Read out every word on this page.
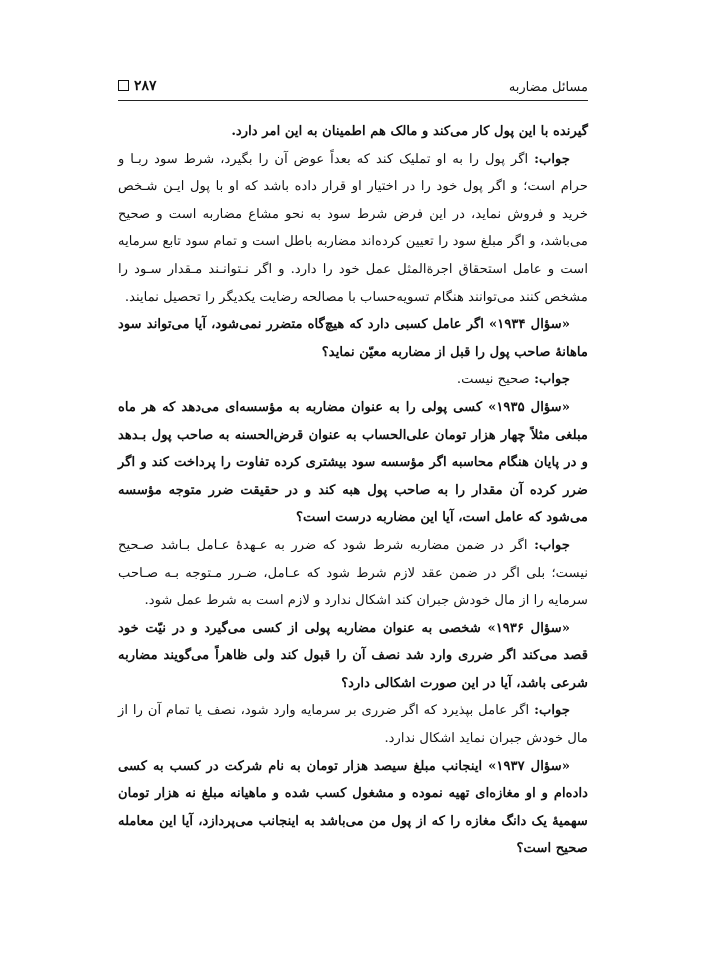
مسائل مضاربه
۲۸۷

گیرنده با این پول کار می‌کند و مالک هم اطمینان به این امر دارد.

جواب: اگر پول را به او تملیک کند که بعداً عوض آن را بگیرد، شرط سود ربـا و حرام است؛ و اگر پول خود را در اختیار او قرار داده باشد که او با پول ایـن شـخص خرید و فروش نماید، در این فرض شرط سود به نحو مشاع مضاربه است و صحیح می‌باشد، و اگر مبلغ سود را تعیین کرده‌اند مضاربه باطل است و تمام سود تابع سرمایه است و عامل استحقاق اجرةالمثل عمل خود را دارد. و اگر نـتوانـند مـقدار سـود را مشخص کنند می‌توانند هنگام تسویه‌حساب با مصالحه رضایت یکدیگر را تحصیل نمایند.

«سؤال ۱۹۳۴» اگر عامل کسبی دارد که هیچ‌گاه متضرر نمی‌شود، آیا می‌تواند سود ماهانهٔ صاحب پول را قبل از مضاربه معیّن نماید؟

جواب: صحیح نیست.

«سؤال ۱۹۳۵» کسی پولی را به عنوان مضاربه به مؤسسه‌ای می‌دهد که هر ماه مبلغی مثلاً چهار هزار تومان علی‌الحساب به عنوان قرض‌الحسنه به صاحب پول بـدهد و در پایان هنگام محاسبه اگر مؤسسه سود بیشتری کرده تفاوت را پرداخت کند و اگر ضرر کرده آن مقدار را به صاحب پول هبه کند و در حقیقت ضرر متوجه مؤسسه می‌شود که عامل است، آیا این مضاربه درست است؟

جواب: اگر در ضمن مضاربه شرط شود که ضرر به عـهدهٔ عـامل بـاشد صـحیح نیست؛ بلی اگر در ضمن عقد لازم شرط شود که عـامل، ضـرر مـتوجه بـه صـاحب سرمایه را از مال خودش جبران کند اشکال ندارد و لازم است به شرط عمل شود.

«سؤال ۱۹۳۶» شخصی به عنوان مضاربه پولی از کسی می‌گیرد و در نیّت خود قصد می‌کند اگر ضرری وارد شد نصف آن را قبول کند ولی ظاهراً می‌گویند مضاربه شرعی باشد، آیا در این صورت اشکالی دارد؟

جواب: اگر عامل بپذیرد که اگر ضرری بر سرمایه وارد شود، نصف یا تمام آن را از مال خودش جبران نماید اشکال ندارد.

«سؤال ۱۹۳۷» اینجانب مبلغ سیصد هزار تومان به نام شرکت در کسب به کسی داده‌ام و او مغازه‌ای تهیه نموده و مشغول کسب شده و ماهیانه مبلغ نه هزار تومان سهمیهٔ یک دانگ مغازه را که از پول من می‌باشد به اینجانب می‌پردازد، آیا این معامله صحیح است؟
